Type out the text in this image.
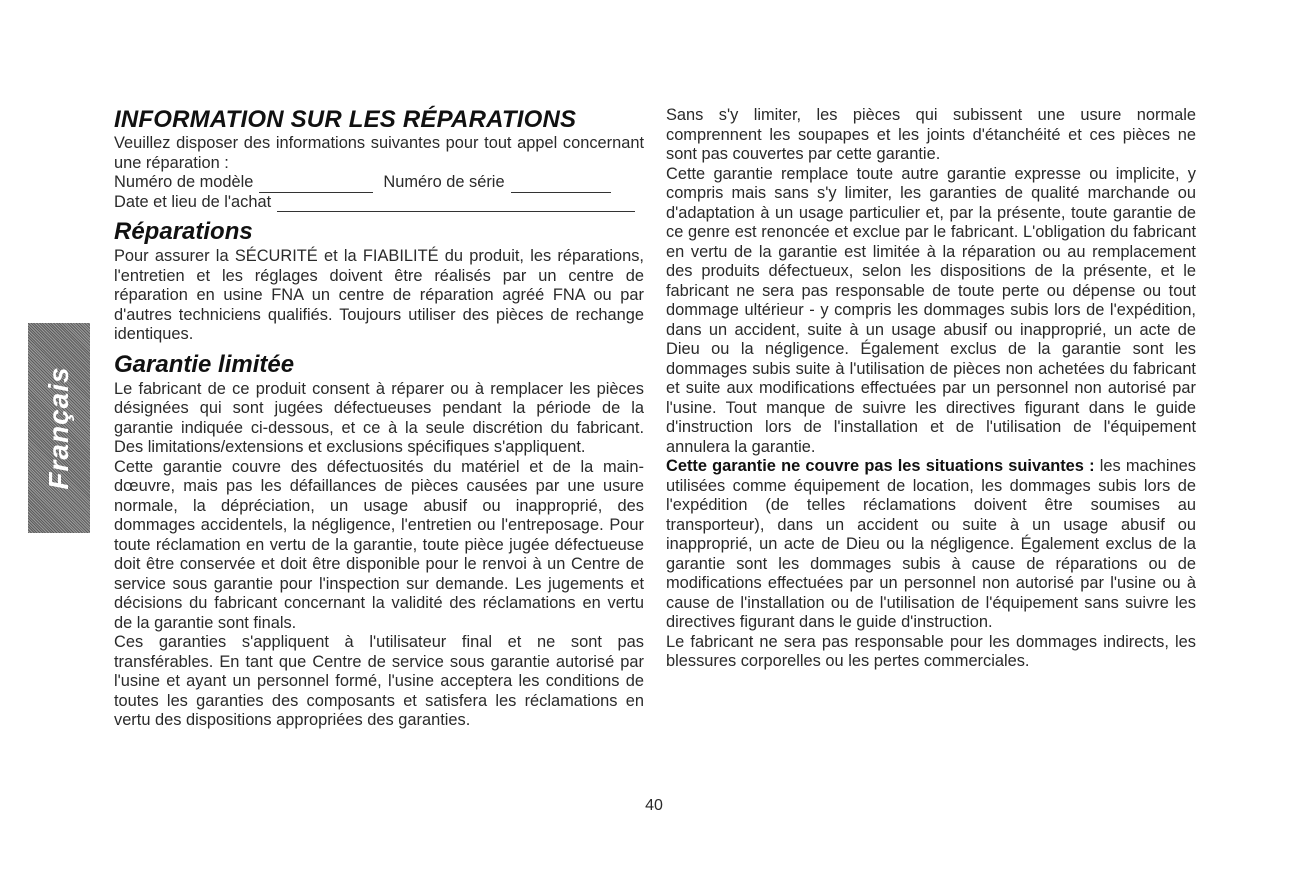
Français
INFORMATION SUR LES RÉPARATIONS

Veuillez disposer des informations suivantes pour tout appel concernant une réparation :

Numéro de modèle	Numéro de série
Date et lieu de l'achat
Réparations

Pour assurer la SÉCURITÉ et la FIABILITÉ du produit, les réparations, l'entretien et les réglages doivent être réalisés par un centre de réparation en usine FNA un centre de réparation agréé FNA ou par d'autres techniciens qualifiés. Toujours utiliser des pièces de rechange identiques.

Garantie limitée

Le fabricant de ce produit consent à réparer ou à remplacer les pièces désignées qui sont jugées défectueuses pendant la période de la garantie indiquée ci-dessous, et ce à la seule discrétion du fabricant. Des limitations/extensions et exclusions spécifiques s'appliquent.

Cette garantie couvre des défectuosités du matériel et de la main-dœuvre, mais pas les défaillances de pièces causées par une usure normale, la dépréciation, un usage abusif ou inapproprié, des dommages accidentels, la négligence, l'entretien ou l'entreposage. Pour toute réclamation en vertu de la garantie, toute pièce jugée défectueuse doit être conservée et doit être disponible pour le renvoi à un Centre de service sous garantie pour l'inspection sur demande. Les jugements et décisions du fabricant concernant la validité des réclamations en vertu de la garantie sont finals.

Ces garanties s'appliquent à l'utilisateur final et ne sont pas transférables. En tant que Centre de service sous garantie autorisé par l'usine et ayant un personnel formé, l'usine acceptera les conditions de toutes les garanties des composants et satisfera les réclamations en vertu des dispositions appropriées des garanties.

Sans s'y limiter, les pièces qui subissent une usure normale comprennent les soupapes et les joints d'étanchéité et ces pièces ne sont pas couvertes par cette garantie.

Cette garantie remplace toute autre garantie expresse ou implicite, y compris mais sans s'y limiter, les garanties de qualité marchande ou d'adaptation à un usage particulier et, par la présente, toute garantie de ce genre est renoncée et exclue par le fabricant. L'obligation du fabricant en vertu de la garantie est limitée à la réparation ou au remplacement des produits défectueux, selon les dispositions de la présente, et le fabricant ne sera pas responsable de toute perte ou dépense ou tout dommage ultérieur - y compris les dommages subis lors de l'expédition, dans un accident, suite à un usage abusif ou inapproprié, un acte de Dieu ou la négligence. Également exclus de la garantie sont les dommages subis suite à l'utilisation de pièces non achetées du fabricant et suite aux modifications effectuées par un personnel non autorisé par l'usine. Tout manque de suivre les directives figurant dans le guide d'instruction lors de l'installation et de l'utilisation de l'équipement annulera la garantie.

Cette garantie ne couvre pas les situations suivantes : les machines utilisées comme équipement de location, les dommages subis lors de l'expédition (de telles réclamations doivent être soumises au transporteur), dans un accident ou suite à un usage abusif ou inapproprié, un acte de Dieu ou la négligence. Également exclus de la garantie sont les dommages subis à cause de réparations ou de modifications effectuées par un personnel non autorisé par l'usine ou à cause de l'installation ou de l'utilisation de l'équipement sans suivre les directives figurant dans le guide d'instruction.

Le fabricant ne sera pas responsable pour les dommages indirects, les blessures corporelles ou les pertes commerciales.

40
